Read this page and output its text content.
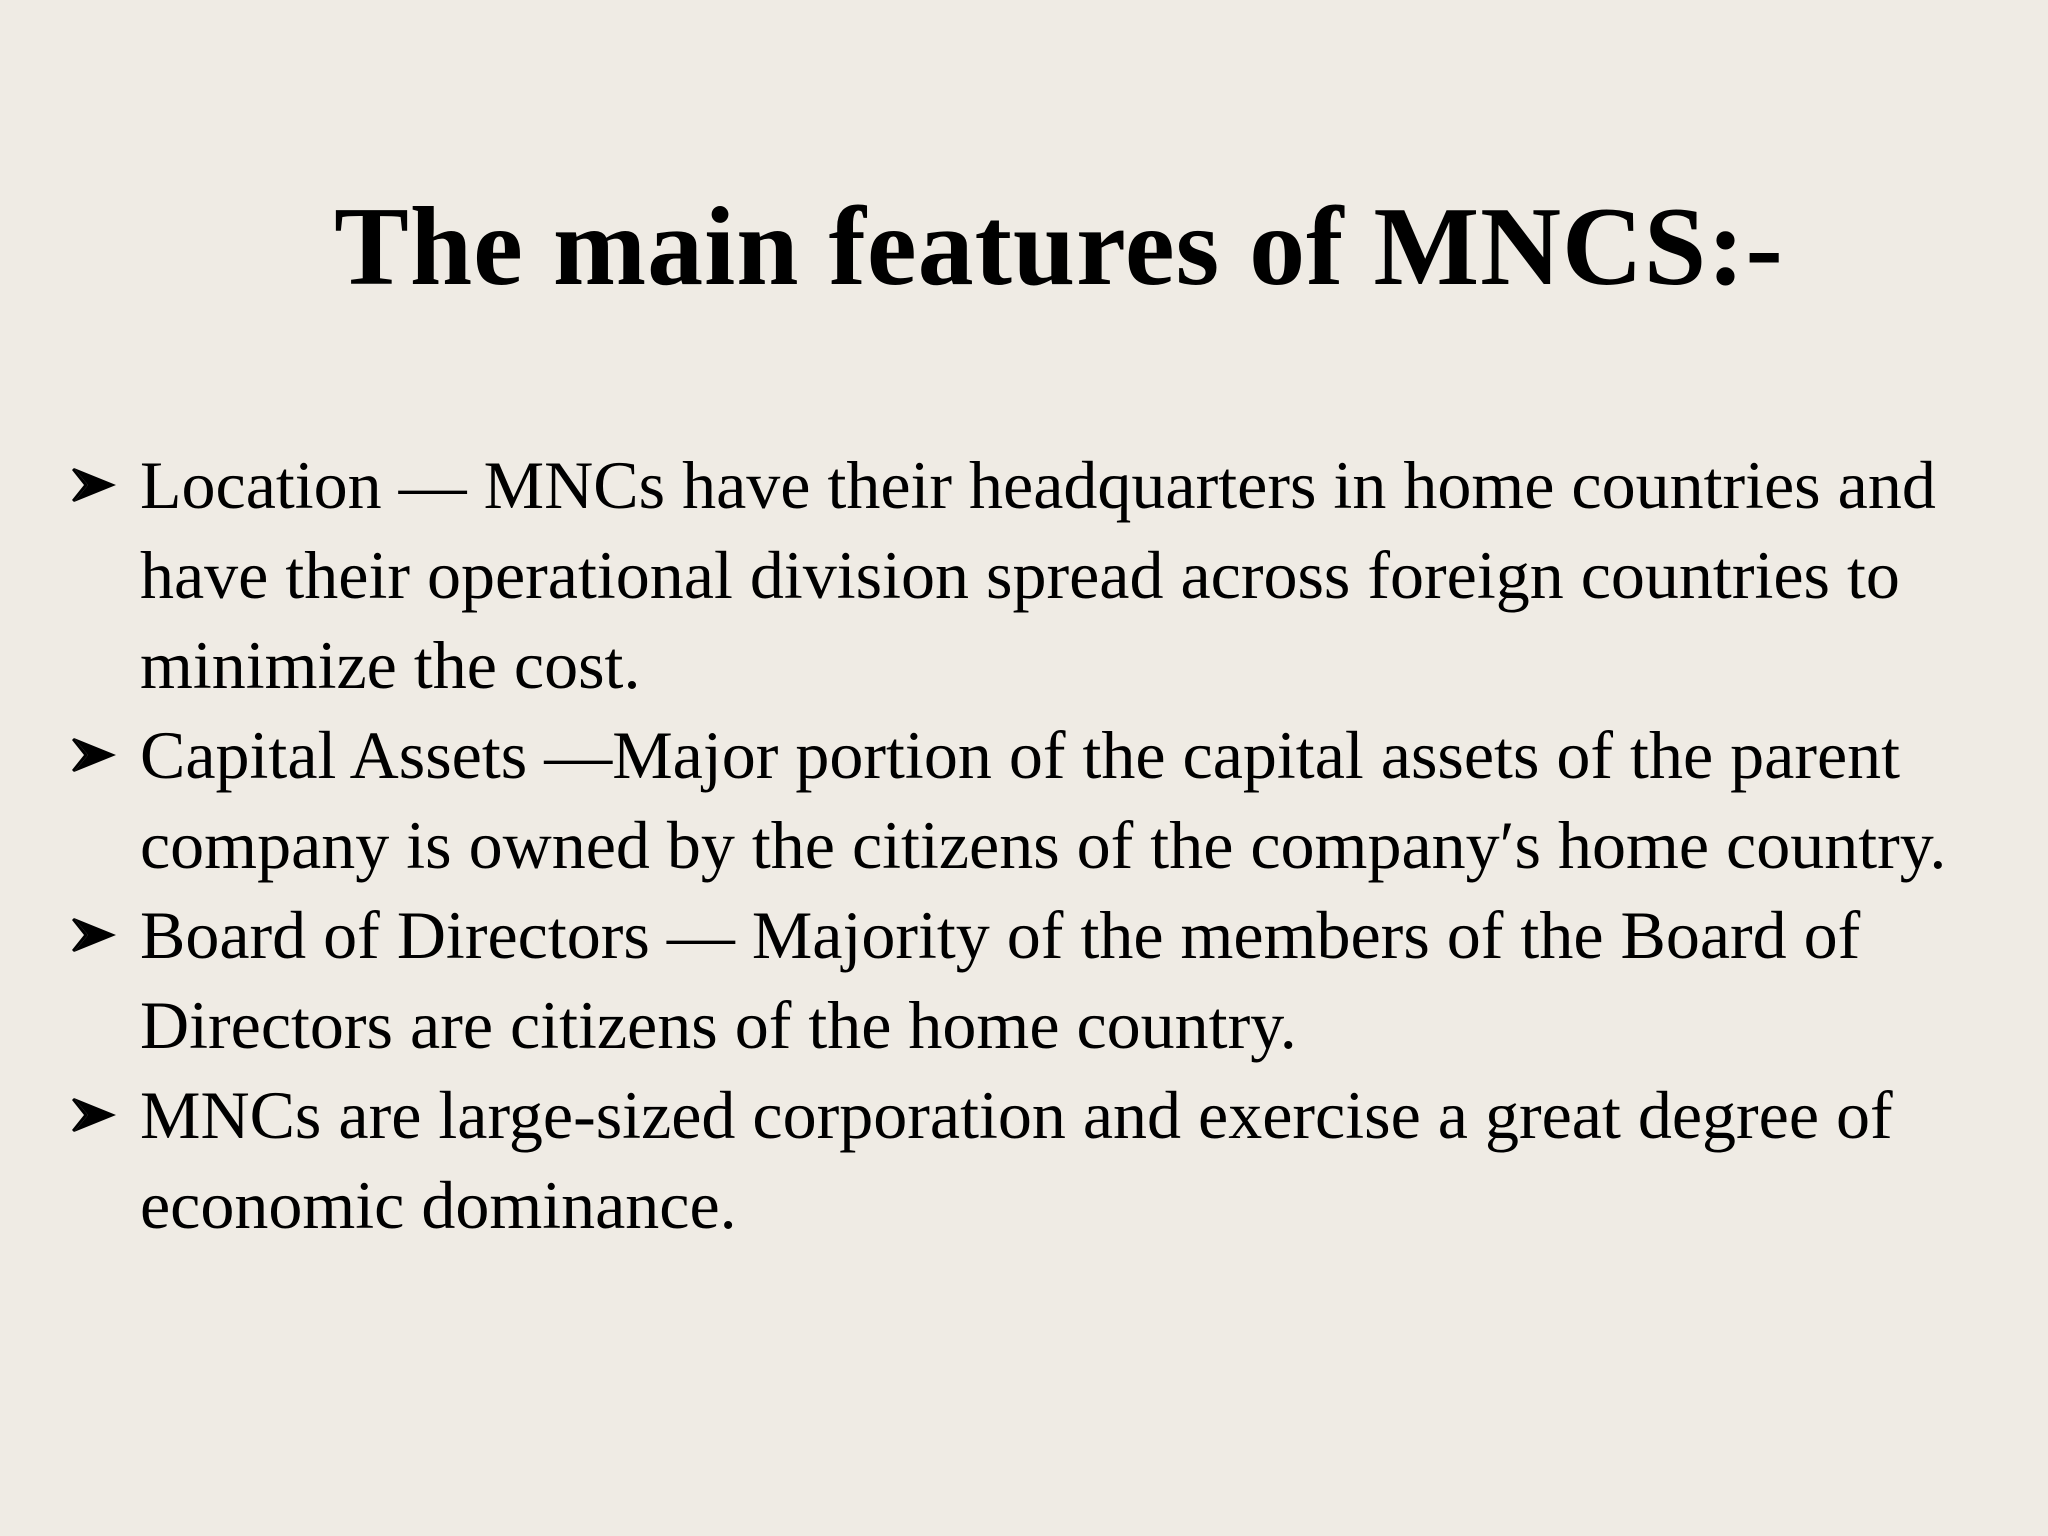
The main features of MNCS:-
Location — MNCs have their headquarters in home countries and have their operational division spread across foreign countries to minimize the cost.
Capital Assets —Major portion of the capital assets of the parent company is owned by the citizens of the company′s home country.
Board of Directors — Majority of the members of the Board of Directors are citizens of the home country.
MNCs are large-sized corporation and exercise a great degree of economic dominance.
